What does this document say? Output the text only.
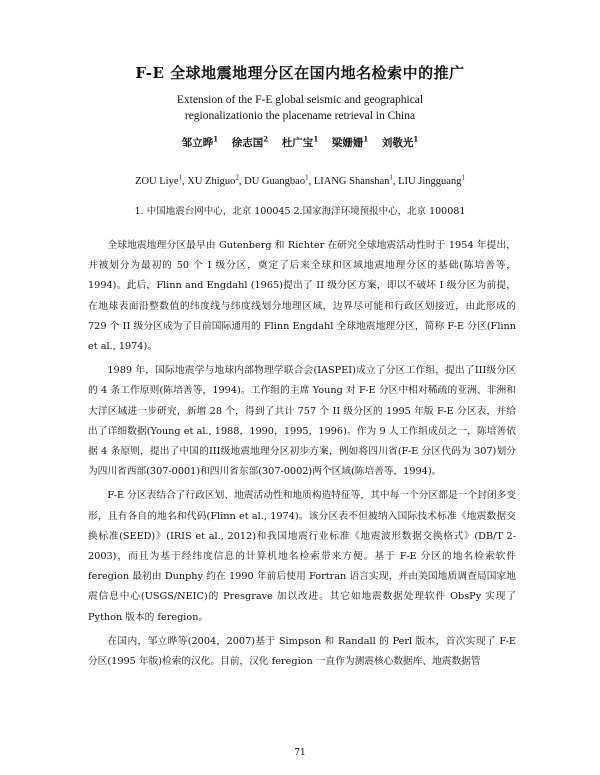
F-E 全球地震地理分区在国内地名检索中的推广
Extension of the F-E global seismic and geographical
regionalizationio the placename retrieval in China
邹立晔$^1$ 徐志国$^2$ 杜广宝$^1$ 梁姗姗$^1$ 刘敬光$^1$
ZOU Liye$^1$, XU Zhiguo$^2$, DU Guangbao$^1$, LIANG Shanshan$^1$, LIU Jingguang$^1$
1. 中国地震台网中心，北京 100045 2.国家海洋环境预报中心，北京 100081

全球地震地理分区最早由 Gutenberg 和 Richter 在研究全球地震活动性时于 1954 年提出，并被划分为最初的 50 个 I 级分区，奠定了后来全球和区域地震地理分区的基础(陈培善等，1994)。此后，Flinn and Engdahl (1965)提出了 II 级分区方案，即以不破坏 I 级分区为前提，在地球表面沿整数值的纬度线与纬度线划分地理区域，边界尽可能和行政区划接近，由此形成的 729 个 II 级分区成为了目前国际通用的 Flinn Engdahl 全球地震地理分区，简称 F-E 分区(Flinn et al., 1974)。

1989 年，国际地震学与地球内部物理学联合会(IASPEI)成立了分区工作组，提出了III级分区的 4 条工作原则(陈培善等，1994)。工作组的主席 Young 对 F-E 分区中相对稀疏的亚洲、非洲和大洋区域进一步研究，新增 28 个，得到了共计 757 个 II 级分区的 1995 年版 F-E 分区表，并给出了详细数据(Young et al., 1988，1990，1995，1996)。作为 9 人工作组成员之一，陈培善依据 4 条原则，提出了中国的III级地震地理分区初步方案，例如将四川省(F-E 分区代码为 307)划分为四川省西部(307-0001)和四川省东部(307-0002)两个区域(陈培善等，1994)。

F-E 分区表结合了行政区划、地震活动性和地质构造特征等，其中每一个分区都是一个封闭多变形，且有各自的地名和代码(Flinn et al., 1974)。该分区表不但被纳入国际技术标准《地震数据交换标准(SEED)》(IRIS et al., 2012)和我国地震行业标准《地震波形数据交换格式》(DB/T 2-2003)，而且为基于经纬度信息的计算机地名检索带来方便。基于 F-E 分区的地名检索软件 feregion 最初由 Dunphy 约在 1990 年前后使用 Fortran 语言实现，并由美国地质调查局国家地震信息中心(USGS/NEIC)的 Presgrave 加以改进。其它如地震数据处理软件 ObsPy 实现了 Python 版本的 feregion。

在国内，邹立晔等(2004，2007)基于 Simpson 和 Randall 的 Perl 版本，首次实现了 F-E 分区(1995 年版)检索的汉化。目前，汉化 feregion 一直作为测震核心数据库、地震数据管

71
